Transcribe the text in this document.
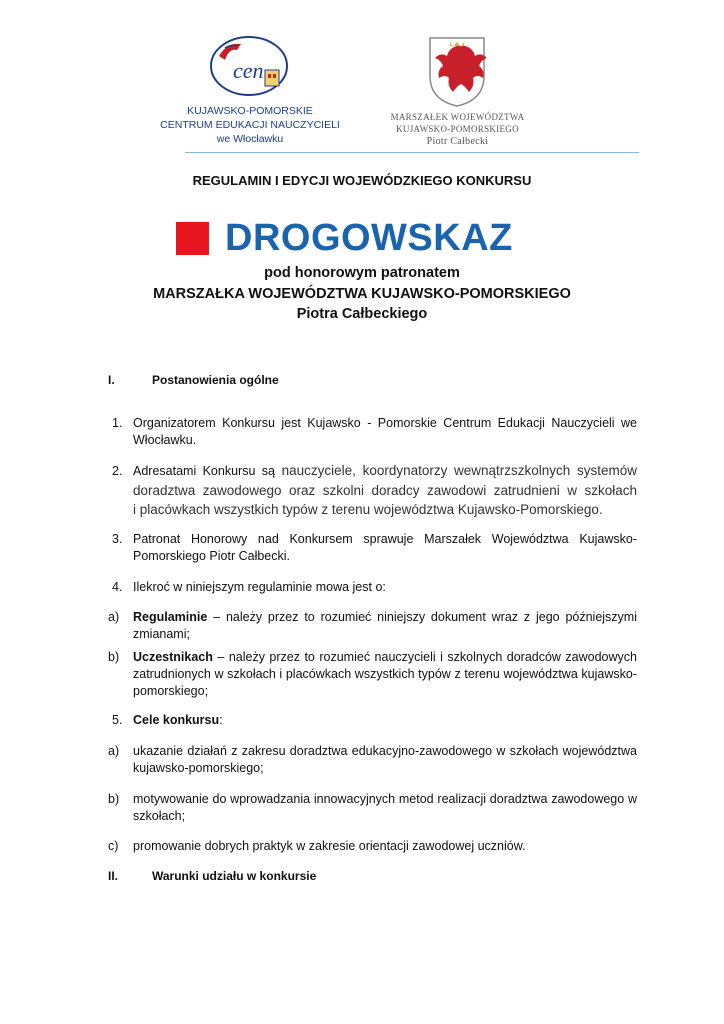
cen
KUJAWSKO-POMORSKIE
CENTRUM EDUKACJI NAUCZYCIELI
we Włocławku
MARSZAŁEK WOJEWÓDZTWA
KUJAWSKO-POMORSKIEGO
Piotr Całbecki
REGULAMIN I EDYCJI WOJEWÓDZKIEGO KONKURSU
DROGOWSKAZ
pod honorowym patronatem
MARSZAŁKA WOJEWÓDZTWA KUJAWSKO-POMORSKIEGO
Piotra Całbeckiego
I.	Postanowienia ogólne
1. Organizatorem Konkursu jest Kujawsko - Pomorskie Centrum Edukacji Nauczycieli we
Włocławku.
2. Adresatami Konkursu są nauczyciele, koordynatorzy wewnątrzszkolnych systemów
doradztwa zawodowego oraz szkolni doradcy zawodowi zatrudnieni w szkołach
i placówkach wszystkich typów z terenu województwa Kujawsko-Pomorskiego.
3. Patronat Honorowy nad Konkursem sprawuje Marszałek Województwa Kujawsko-
Pomorskiego Piotr Całbecki.
4. Ilekroć w niniejszym regulaminie mowa jest o:
a) Regulaminie – należy przez to rozumieć niniejszy dokument wraz z jego późniejszymi
zmianami;
b) Uczestnikach – należy przez to rozumieć nauczycieli i szkolnych doradców zawodowych
zatrudnionych w szkołach i placówkach wszystkich typów z terenu województwa kujawsko-
pomorskiego;
5. Cele konkursu:
a) ukazanie działań z zakresu doradztwa edukacyjno-zawodowego w szkołach województwa
kujawsko-pomorskiego;
b) motywowanie do wprowadzania innowacyjnych metod realizacji doradztwa zawodowego w
szkołach;
c) promowanie dobrych praktyk w zakresie orientacji zawodowej uczniów.
II.	Warunki udziału w konkursie
